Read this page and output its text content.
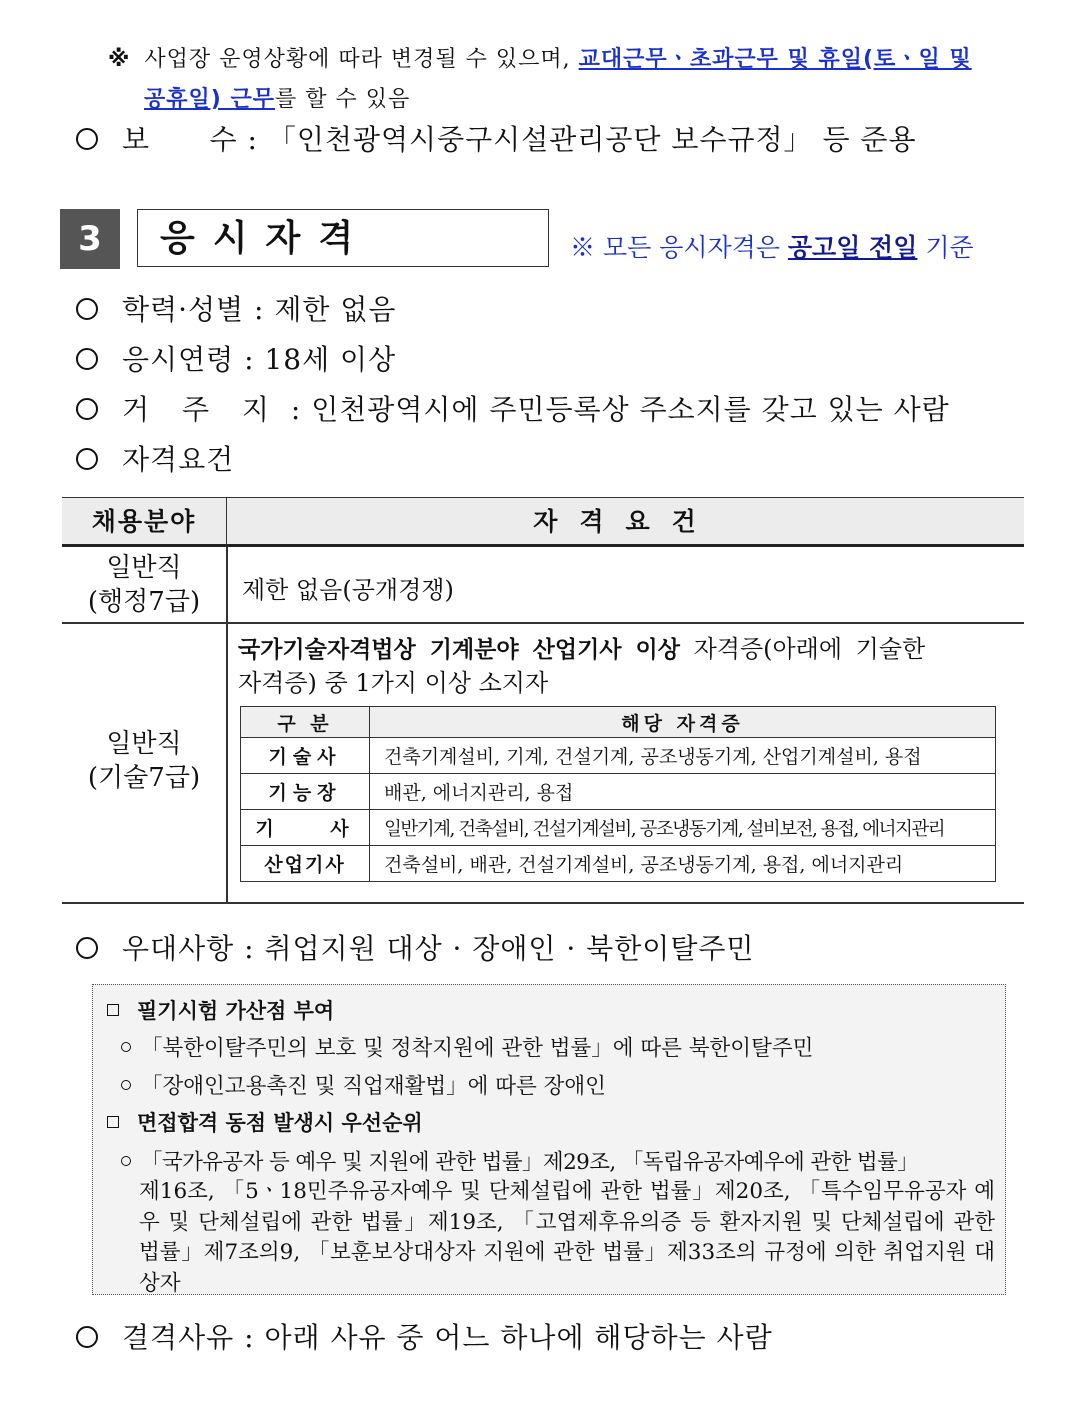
※ 사업장 운영상황에 따라 변경될 수 있으며, 교대근무ㆍ초과근무 및 휴일(토ㆍ일 및
공휴일) 근무를 할 수 있음
보      수 : 「인천광역시중구시설관리공단 보수규정」 등 준용
3	응시자격	※ 모든 응시자격은 공고일 전일 기준
학력·성별 : 제한 없음
응시연령 : 18세 이상
거 주 지 : 인천광역시에 주민등록상 주소지를 갖고 있는 사람
자격요건
채용분야	자격요건
일반직
(행정7급)	제한 없음(공개경쟁)
일반직
(기술7급)
국가기술자격법상 기계분야 산업기사 이상 자격증(아래에 기술한
자격증) 중 1가지 이상 소지자
구 분	해당 자격증
기술사	건축기계설비, 기계, 건설기계, 공조냉동기계, 산업기계설비, 용접
기능장	배관, 에너지관리, 용접
기    사	일반기계, 건축설비, 건설기계설비, 공조냉동기계, 설비보전, 용접, 에너지관리
산업기사	건축설비, 배관, 건설기계설비, 공조냉동기계, 용접, 에너지관리
우대사항 : 취업지원 대상 · 장애인 · 북한이탈주민
필기시험 가산점 부여
「북한이탈주민의 보호 및 정착지원에 관한 법률」에 따른 북한이탈주민
「장애인고용촉진 및 직업재활법」에 따른 장애인
면접합격 동점 발생시 우선순위
「국가유공자 등 예우 및 지원에 관한 법률」제29조, 「독립유공자예우에 관한 법률」
제16조, 「5ㆍ18민주유공자예우 및 단체설립에 관한 법률」제20조, 「특수임무유공자 예우 및 단체설립에 관한 법률」제19조, 「고엽제후유의증 등 환자지원 및 단체설립에 관한 법률」제7조의9, 「보훈보상대상자 지원에 관한 법률」제33조의 규정에 의한 취업지원 대상자
결격사유 : 아래 사유 중 어느 하나에 해당하는 사람
